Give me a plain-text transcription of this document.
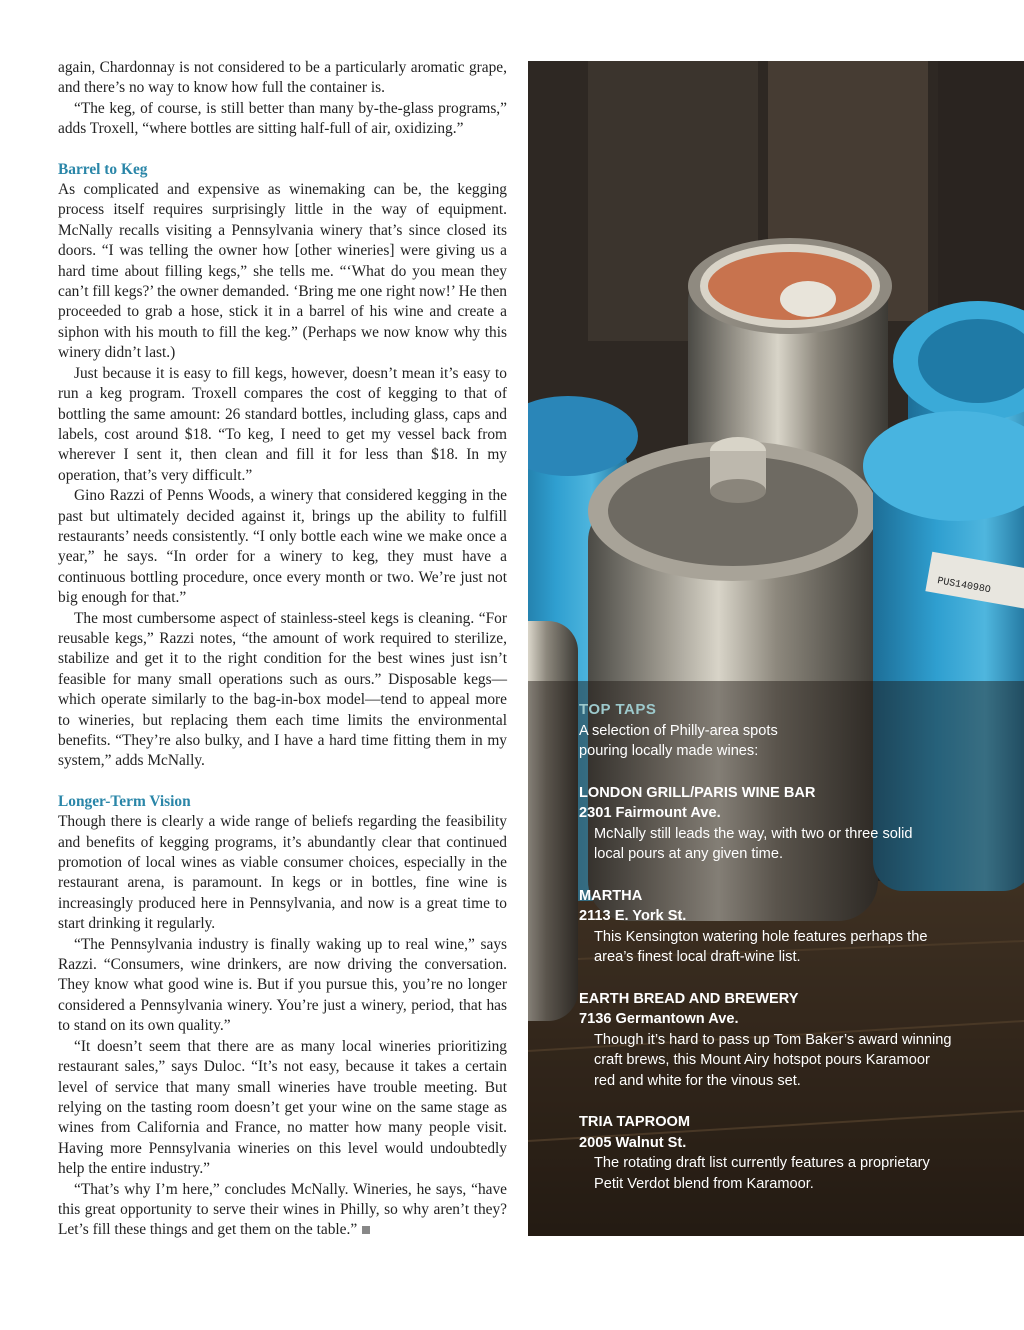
again, Chardonnay is not considered to be a particularly aromatic grape, and there’s no way to know how full the container is.

“The keg, of course, is still better than many by-the-glass programs,” adds Troxell, “where bottles are sitting half-full of air, oxidizing.”

Barrel to Keg

As complicated and expensive as winemaking can be, the kegging process itself requires surprisingly little in the way of equipment. McNally recalls visiting a Pennsylvania winery that’s since closed its doors. “I was telling the owner how [other wineries] were giving us a hard time about filling kegs,” she tells me. “‘What do you mean they can’t fill kegs?’ the owner demanded. ‘Bring me one right now!’ He then proceeded to grab a hose, stick it in a barrel of his wine and create a siphon with his mouth to fill the keg.” (Perhaps we now know why this winery didn’t last.)

Just because it is easy to fill kegs, however, doesn’t mean it’s easy to run a keg program. Troxell compares the cost of kegging to that of bottling the same amount: 26 standard bottles, including glass, caps and labels, cost around $18. “To keg, I need to get my vessel back from wherever I sent it, then clean and fill it for less than $18. In my operation, that’s very difficult.”

Gino Razzi of Penns Woods, a winery that considered kegging in the past but ultimately decided against it, brings up the ability to fulfill restaurants’ needs consistently. “I only bottle each wine we make once a year,” he says. “In order for a winery to keg, they must have a continuous bottling procedure, once every month or two. We’re just not big enough for that.”

The most cumbersome aspect of stainless-steel kegs is cleaning. “For reusable kegs,” Razzi notes, “the amount of work required to sterilize, stabilize and get it to the right condition for the best wines just isn’t feasible for many small operations such as ours.” Disposable kegs—which operate similarly to the bag-in-box model—tend to appeal more to wineries, but replacing them each time limits the environmental benefits. “They’re also bulky, and I have a hard time fitting them in my system,” adds McNally.

Longer-Term Vision

Though there is clearly a wide range of beliefs regarding the feasibility and benefits of kegging programs, it’s abundantly clear that continued promotion of local wines as viable consumer choices, especially in the restaurant arena, is paramount. In kegs or in bottles, fine wine is increasingly produced here in Pennsylvania, and now is a great time to start drinking it regularly.

“The Pennsylvania industry is finally waking up to real wine,” says Razzi. “Consumers, wine drinkers, are now driving the conversation. They know what good wine is. But if you pursue this, you’re no longer considered a Pennsylvania winery. You’re just a winery, period, that has to stand on its own quality.”

“It doesn’t seem that there are as many local wineries prioritizing restaurant sales,” says Duloc. “It’s not easy, because it takes a certain level of service that many small wineries have trouble meeting. But relying on the tasting room doesn’t get your wine on the same stage as wines from California and France, no matter how many people visit. Having more Pennsylvania wineries on this level would undoubtedly help the entire industry.”

“That’s why I’m here,” concludes McNally. Wineries, he says, “have this great opportunity to serve their wines in Philly, so why aren’t they? Let’s fill these things and get them on the table.”

PUS14098O
TOP TAPS
A selection of Philly-area spots pouring locally made wines:
LONDON GRILL/PARIS WINE BAR
2301 Fairmount Ave.
McNally still leads the way, with two or three solid local pours at any given time.
MARTHA
2113 E. York St.
This Kensington watering hole features perhaps the area’s finest local draft-wine list.
EARTH BREAD AND BREWERY
7136 Germantown Ave.
Though it’s hard to pass up Tom Baker’s award winning craft brews, this Mount Airy hotspot pours Karamoor red and white for the vinous set.
TRIA TAPROOM
2005 Walnut St.
The rotating draft list currently features a proprietary Petit Verdot blend from Karamoor.
